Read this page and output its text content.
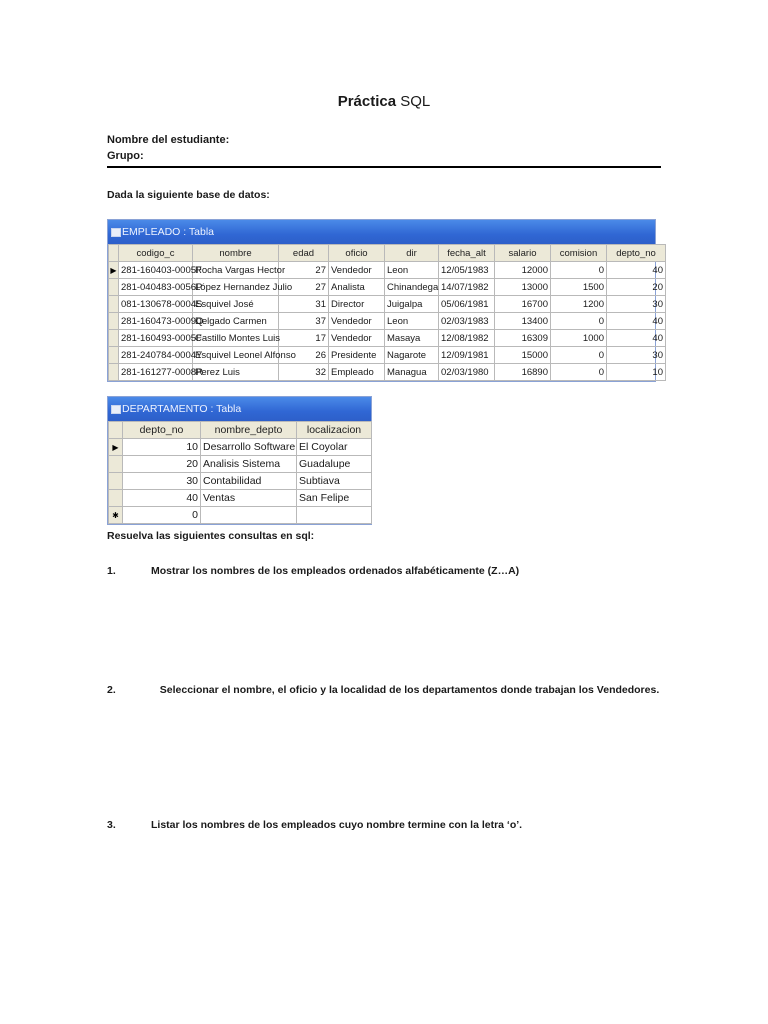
Práctica SQL
Nombre del estudiante:
Grupo:
Dada la siguiente base de datos:
EMPLEADO : Tabla
	codigo_c	nombre	edad	oficio	dir	fecha_alt	salario	comision	depto_no
▶	281-160403-0005F	Rocha Vargas Hector	27	Vendedor	Leon	12/05/1983	12000	0	40
	281-040483-0056P	López Hernandez Julio	27	Analista	Chinandega	14/07/1982	13000	1500	20
	081-130678-0004S	Esquivel José	31	Director	Juigalpa	05/06/1981	16700	1200	30
	281-160473-0009Q	Delgado Carmen	37	Vendedor	Leon	02/03/1983	13400	0	40
	281-160493-0005F	Castillo Montes Luis	17	Vendedor	Masaya	12/08/1982	16309	1000	40
	281-240784-0004Y	Esquivel Leonel Alfonso	26	Presidente	Nagarote	12/09/1981	15000	0	30
	281-161277-0008R	Perez Luis	32	Empleado	Managua	02/03/1980	16890	0	10
DEPARTAMENTO : Tabla
	depto_no	nombre_depto	localizacion
▶	10	Desarrollo Software	El Coyolar
	20	Analisis Sistema	Guadalupe
	30	Contabilidad	Subtiava
	40	Ventas	San Felipe
✱	0		
Resuelva las siguientes consultas en sql:
1.	Mostrar los nombres de los empleados ordenados alfabéticamente (Z…A)
2.	Seleccionar el nombre, el oficio y la localidad de los departamentos donde trabajan los Vendedores.
3.	Listar los nombres de los empleados cuyo nombre termine con la letra ‘o’.
